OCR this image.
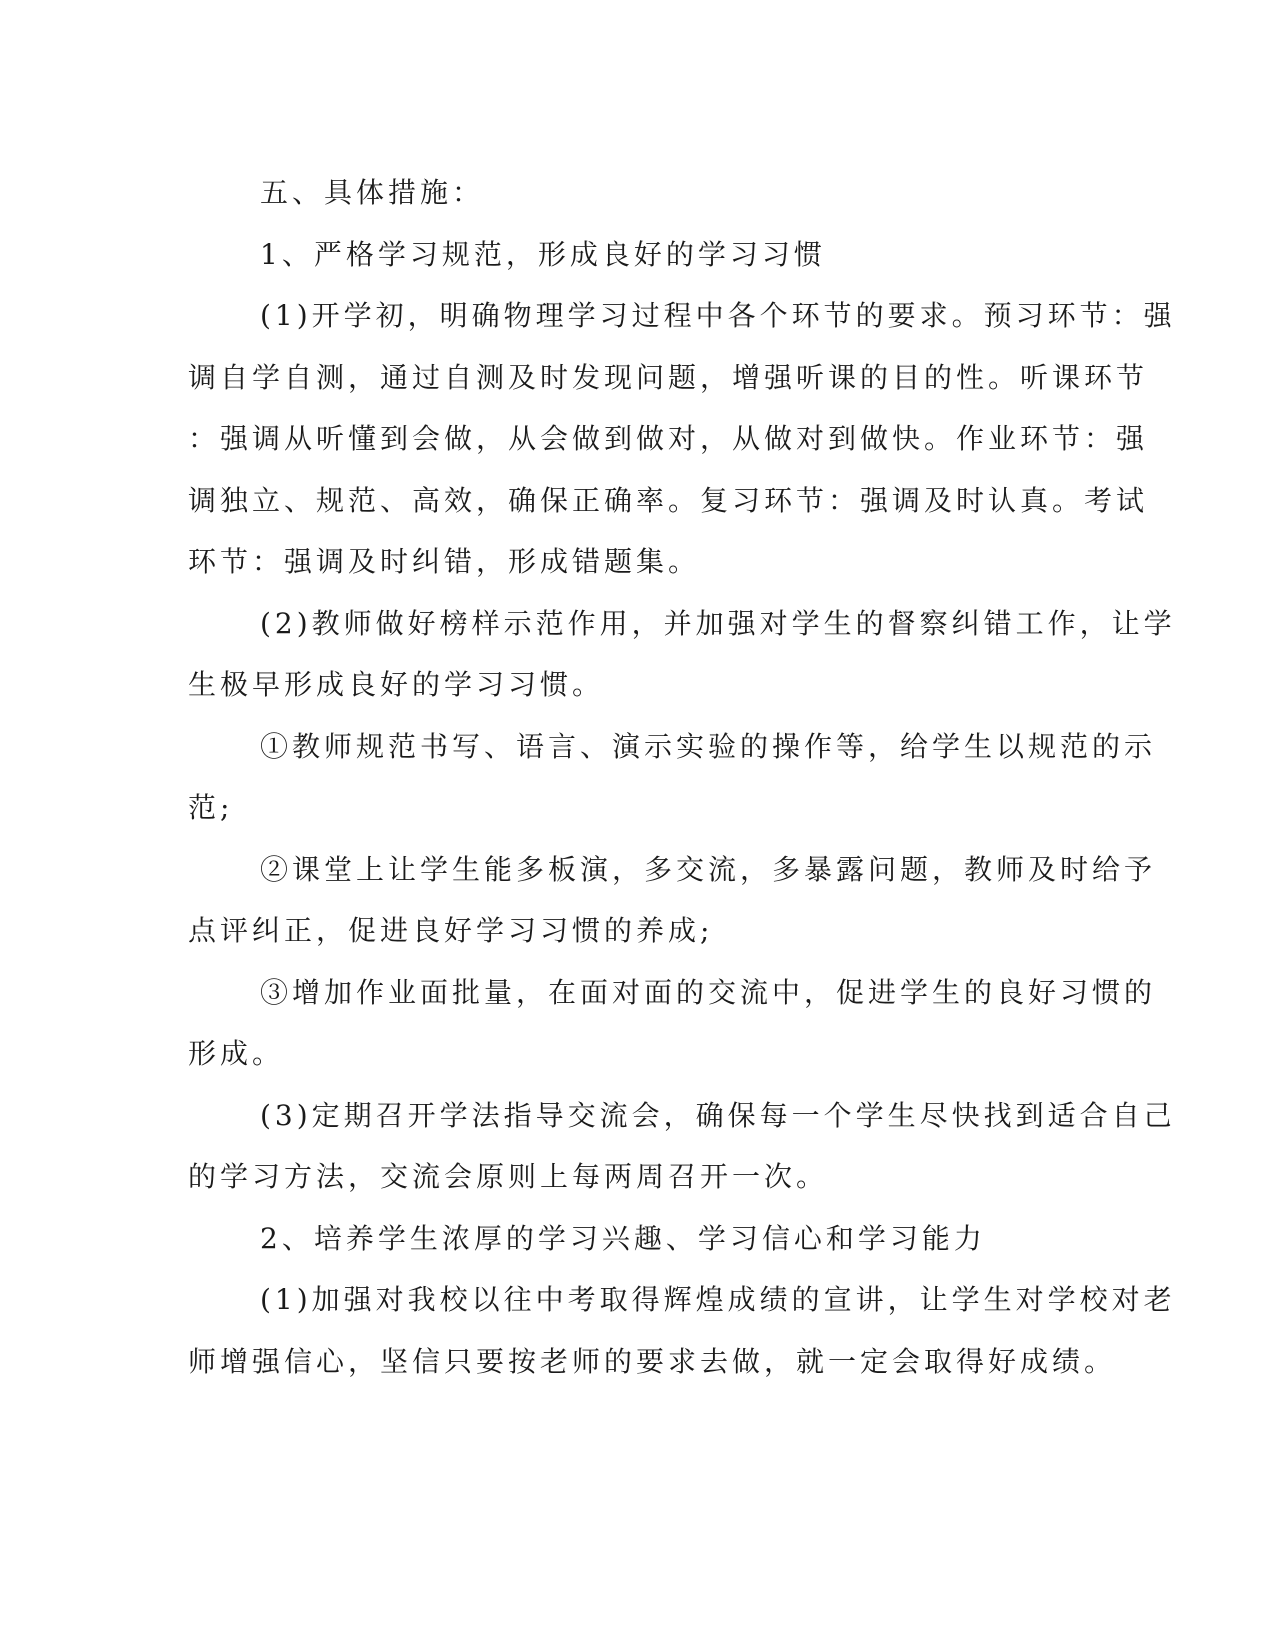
五、具体措施：
1、严格学习规范，形成良好的学习习惯
(1)开学初，明确物理学习过程中各个环节的要求。预习环节：强
调自学自测，通过自测及时发现问题，增强听课的目的性。听课环节
：强调从听懂到会做，从会做到做对，从做对到做快。作业环节：强
调独立、规范、高效，确保正确率。复习环节：强调及时认真。考试
环节：强调及时纠错，形成错题集。
(2)教师做好榜样示范作用，并加强对学生的督察纠错工作，让学
生极早形成良好的学习习惯。
①教师规范书写、语言、演示实验的操作等，给学生以规范的示
范;
②课堂上让学生能多板演，多交流，多暴露问题，教师及时给予
点评纠正，促进良好学习习惯的养成;
③增加作业面批量，在面对面的交流中，促进学生的良好习惯的
形成。
(3)定期召开学法指导交流会，确保每一个学生尽快找到适合自己
的学习方法，交流会原则上每两周召开一次。
2、培养学生浓厚的学习兴趣、学习信心和学习能力
(1)加强对我校以往中考取得辉煌成绩的宣讲，让学生对学校对老
师增强信心，坚信只要按老师的要求去做，就一定会取得好成绩。
